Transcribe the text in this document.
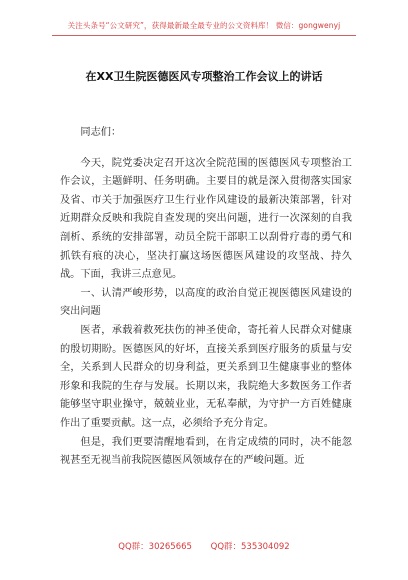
关注头条号“公文研究”，获得最新最全最专业的公文资料库！ 微信：gongwenyj
在XX卫生院医德医风专项整治工作会议上的讲话

同志们：

今天，院党委决定召开这次全院范围的医德医风专项整治工作会议，主题鲜明、任务明确。主要目的就是深入贯彻落实国家及省、市关于加强医疗卫生行业作风建设的最新决策部署，针对近期群众反映和我院自查发现的突出问题，进行一次深刻的自我剖析、系统的安排部署，动员全院干部职工以刮骨疗毒的勇气和抓铁有痕的决心，坚决打赢这场医德医风建设的攻坚战、持久战。下面，我讲三点意见。

一、认清严峻形势，以高度的政治自觉正视医德医风建设的突出问题

医者，承载着救死扶伤的神圣使命，寄托着人民群众对健康的殷切期盼。医德医风的好坏，直接关系到医疗服务的质量与安全，关系到人民群众的切身利益，更关系到卫生健康事业的整体形象和我院的生存与发展。长期以来，我院绝大多数医务工作者能够坚守职业操守，兢兢业业，无私奉献，为守护一方百姓健康作出了重要贡献。这一点，必须给予充分肯定。

但是，我们更要清醒地看到，在肯定成绩的同时，决不能忽视甚至无视当前我院医德医风领域存在的严峻问题。近

QQ群：30265665 QQ群：535304092
